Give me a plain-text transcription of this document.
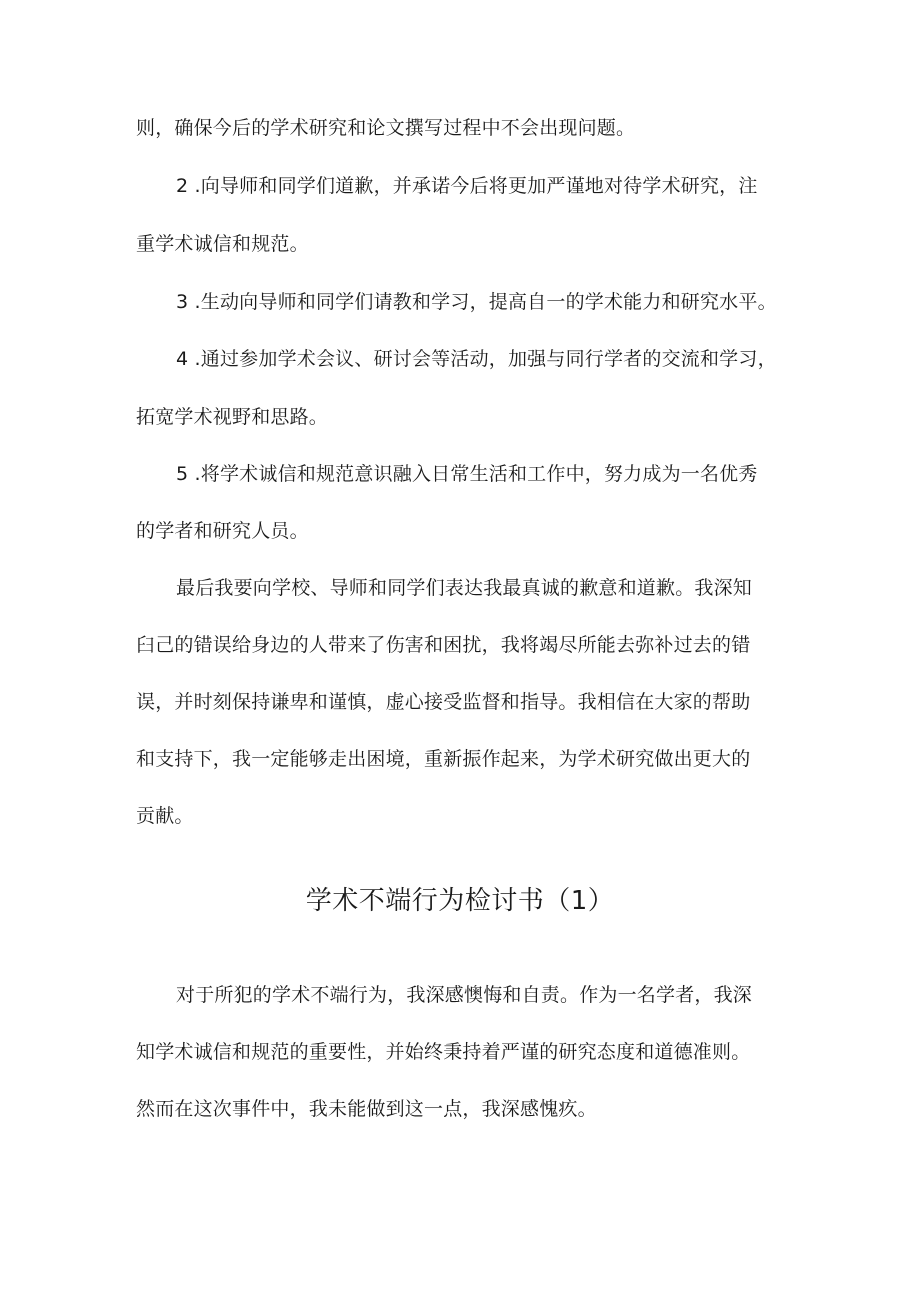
则，确保今后的学术研究和论文撰写过程中不会出现问题。
2 .向导师和同学们道歉，并承诺今后将更加严谨地对待学术研究，注
重学术诚信和规范。
3 .生动向导师和同学们请教和学习，提高自一的学术能力和研究水平。
4 .通过参加学术会议、研讨会等活动，加强与同行学者的交流和学习，
拓宽学术视野和思路。
5 .将学术诚信和规范意识融入日常生活和工作中，努力成为一名优秀
的学者和研究人员。
最后我要向学校、导师和同学们表达我最真诚的歉意和道歉。我深知
臼己的错误给身边的人带来了伤害和困扰，我将竭尽所能去弥补过去的错
误，并时刻保持谦卑和谨慎，虚心接受监督和指导。我相信在大家的帮助
和支持下，我一定能够走出困境，重新振作起来，为学术研究做出更大的
贡献。
学术不端行为检讨书（1）
对于所犯的学术不端行为，我深感懊悔和自责。作为一名学者，我深
知学术诚信和规范的重要性，并始终秉持着严谨的研究态度和道德准则。
然而在这次事件中，我未能做到这一点，我深感愧疚。
